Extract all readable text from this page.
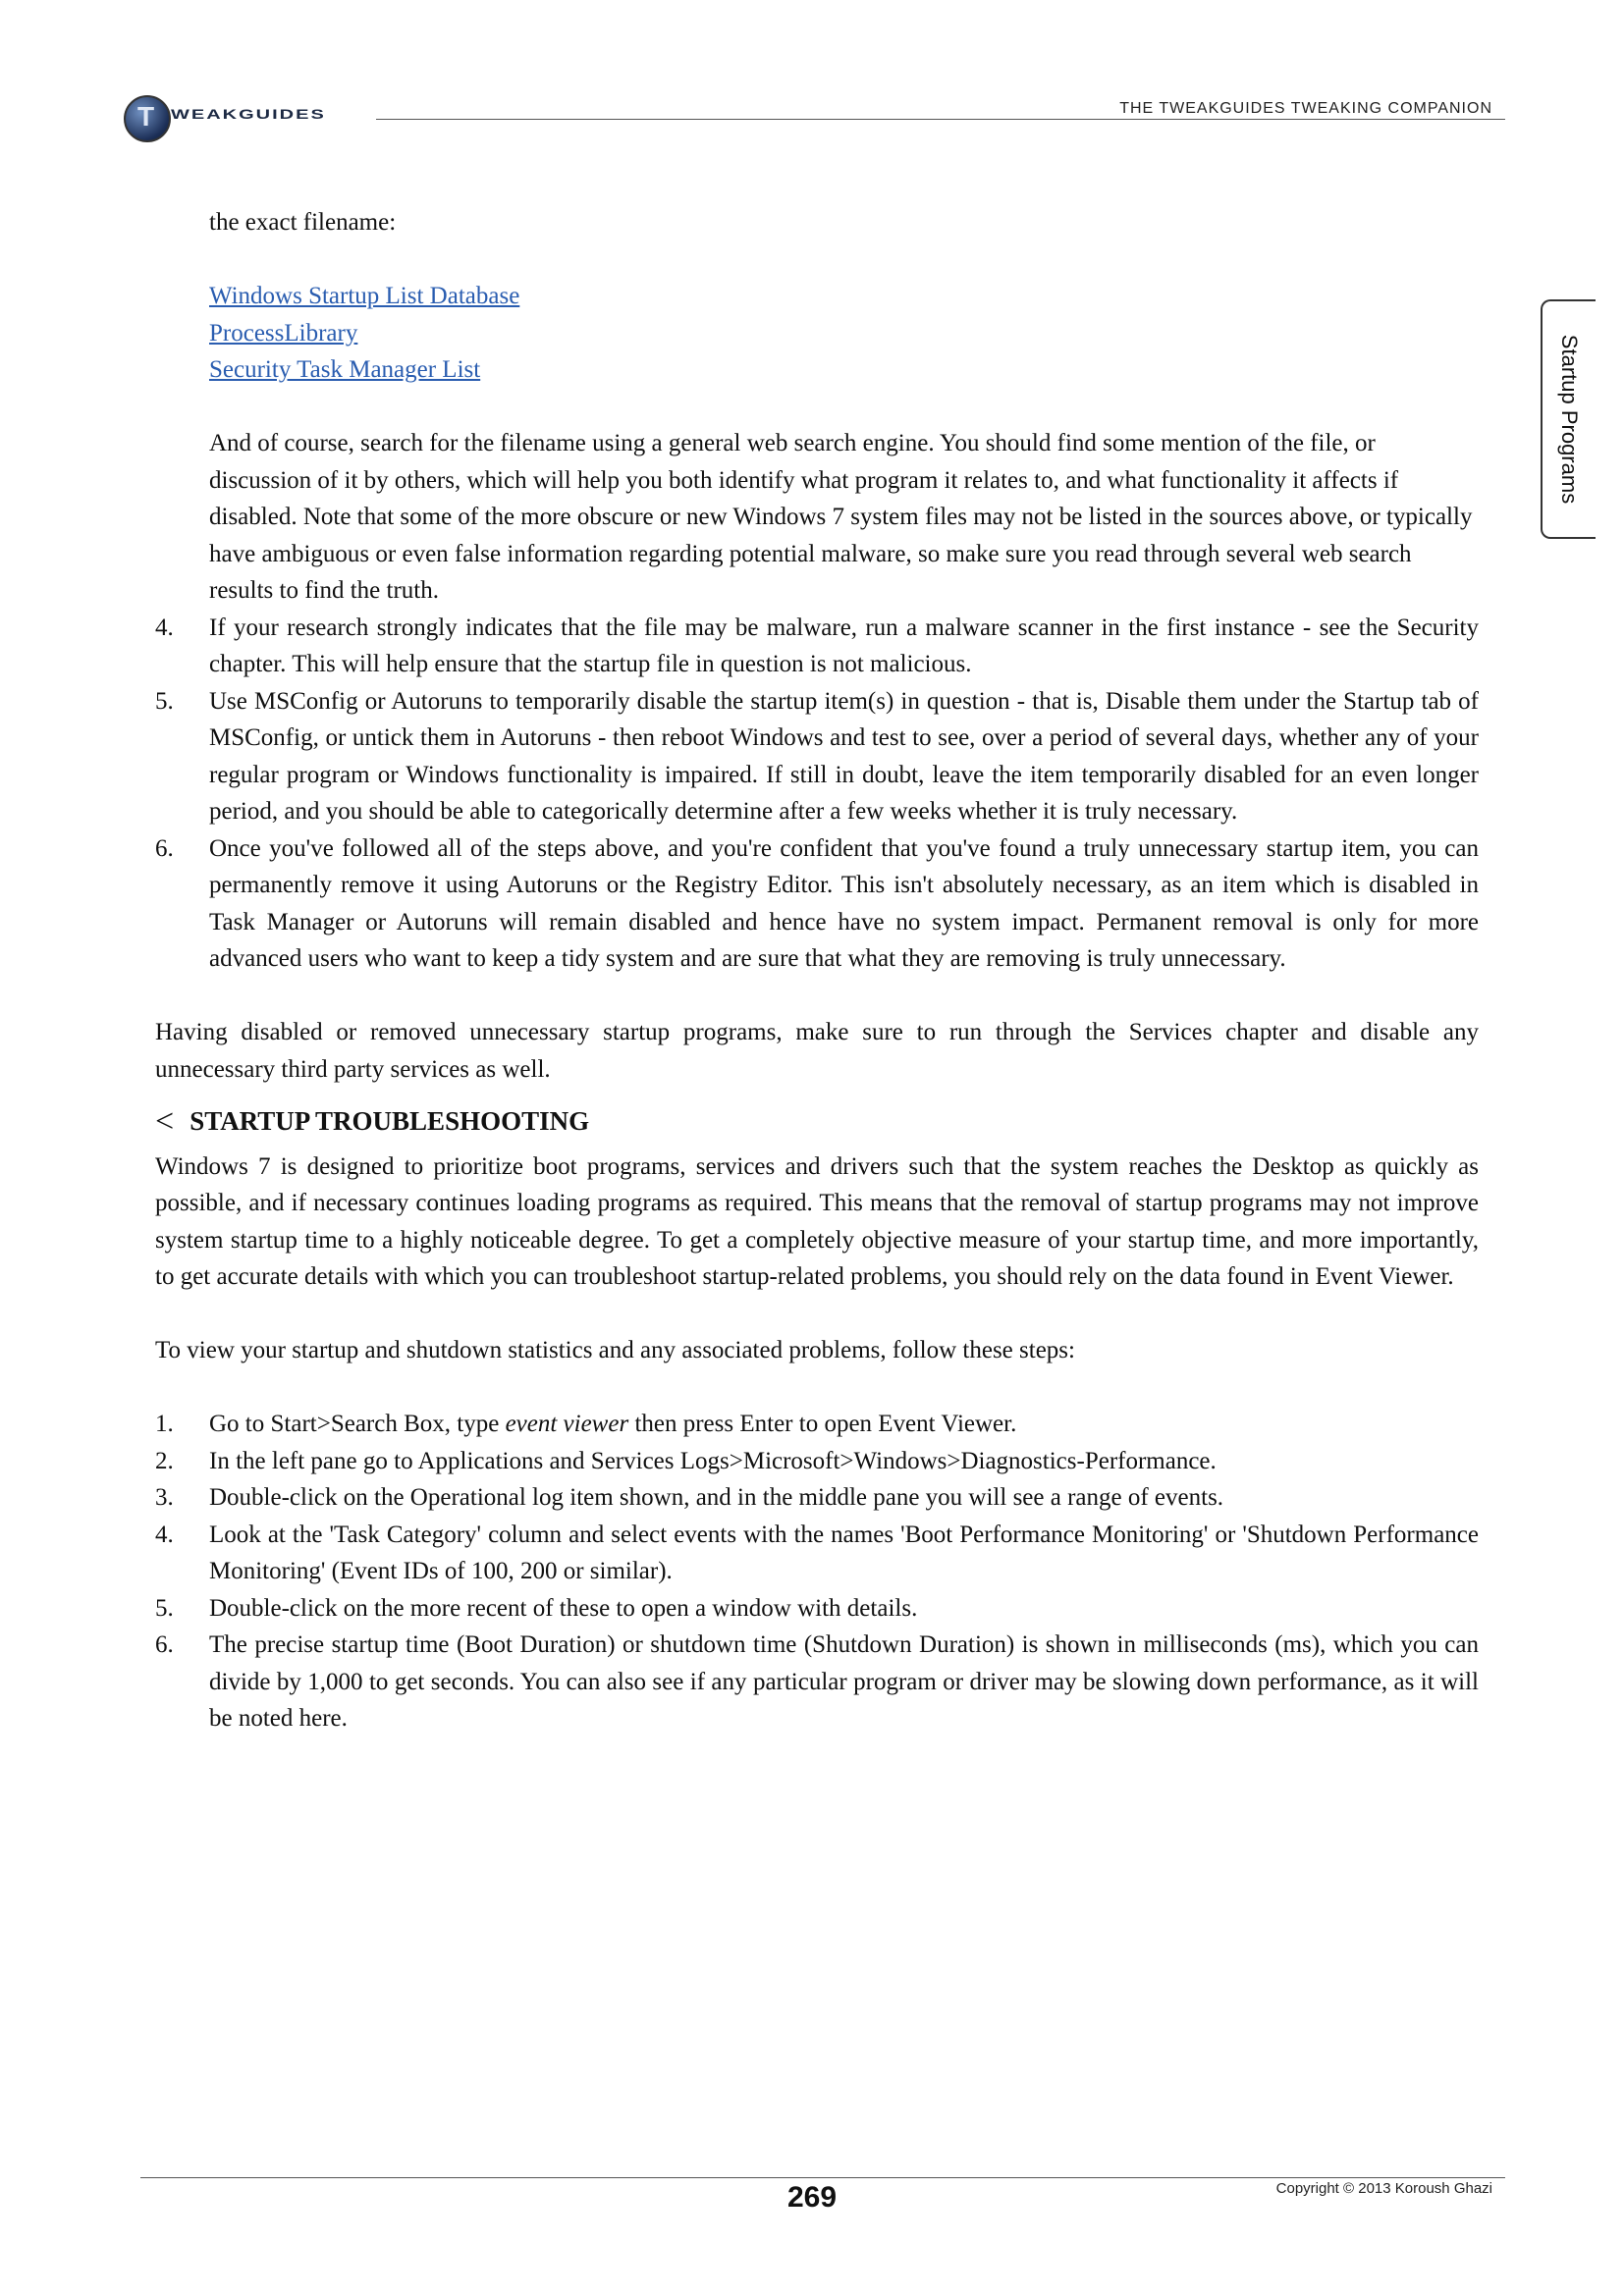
T WEAKGUIDES	THE TWEAKGUIDES TWEAKING COMPANION
Startup Programs

the exact filename:

Windows Startup List Database
ProcessLibrary
Security Task Manager List

And of course, search for the filename using a general web search engine. You should find some mention of the file, or discussion of it by others, which will help you both identify what program it relates to, and what functionality it affects if disabled. Note that some of the more obscure or new Windows 7 system files may not be listed in the sources above, or typically have ambiguous or even false information regarding potential malware, so make sure you read through several web search results to find the truth.

4. If your research strongly indicates that the file may be malware, run a malware scanner in the first instance - see the Security chapter. This will help ensure that the startup file in question is not malicious.
5. Use MSConfig or Autoruns to temporarily disable the startup item(s) in question - that is, Disable them under the Startup tab of MSConfig, or untick them in Autoruns - then reboot Windows and test to see, over a period of several days, whether any of your regular program or Windows functionality is impaired. If still in doubt, leave the item temporarily disabled for an even longer period, and you should be able to categorically determine after a few weeks whether it is truly necessary.
6. Once you've followed all of the steps above, and you're confident that you've found a truly unnecessary startup item, you can permanently remove it using Autoruns or the Registry Editor. This isn't absolutely necessary, as an item which is disabled in Task Manager or Autoruns will remain disabled and hence have no system impact. Permanent removal is only for more advanced users who want to keep a tidy system and are sure that what they are removing is truly unnecessary.

Having disabled or removed unnecessary startup programs, make sure to run through the Services chapter and disable any unnecessary third party services as well.

< STARTUP TROUBLESHOOTING

Windows 7 is designed to prioritize boot programs, services and drivers such that the system reaches the Desktop as quickly as possible, and if necessary continues loading programs as required. This means that the removal of startup programs may not improve system startup time to a highly noticeable degree. To get a completely objective measure of your startup time, and more importantly, to get accurate details with which you can troubleshoot startup-related problems, you should rely on the data found in Event Viewer.

To view your startup and shutdown statistics and any associated problems, follow these steps:

1. Go to Start>Search Box, type event viewer then press Enter to open Event Viewer.
2. In the left pane go to Applications and Services Logs>Microsoft>Windows>Diagnostics-Performance.
3. Double-click on the Operational log item shown, and in the middle pane you will see a range of events.
4. Look at the 'Task Category' column and select events with the names 'Boot Performance Monitoring' or 'Shutdown Performance Monitoring' (Event IDs of 100, 200 or similar).
5. Double-click on the more recent of these to open a window with details.
6. The precise startup time (Boot Duration) or shutdown time (Shutdown Duration) is shown in milliseconds (ms), which you can divide by 1,000 to get seconds. You can also see if any particular program or driver may be slowing down performance, as it will be noted here.
269	Copyright © 2013 Koroush Ghazi
